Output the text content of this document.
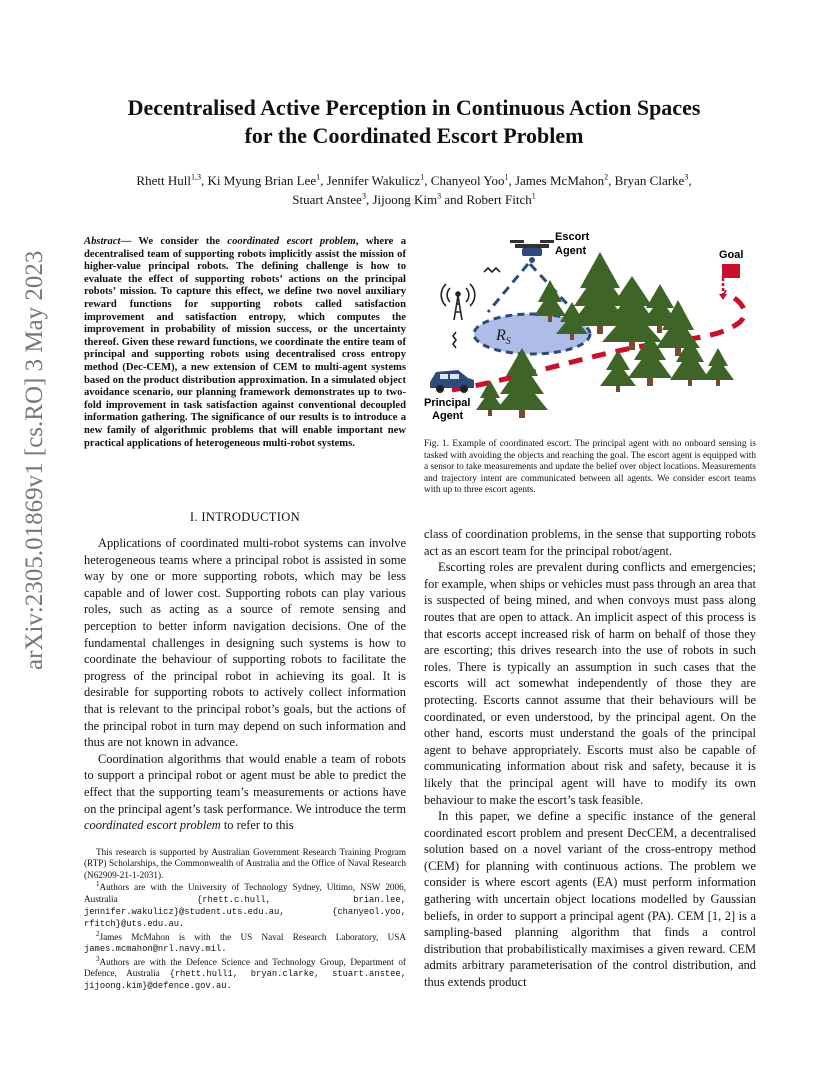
Decentralised Active Perception in Continuous Action Spaces
for the Coordinated Escort Problem
Rhett Hull$^{1,3}$, Ki Myung Brian Lee$^1$, Jennifer Wakulicz$^1$, Chanyeol Yoo$^1$, James McMahon$^2$, Bryan Clarke$^3$,
Stuart Anstee$^3$, Jijoong Kim$^3$ and Robert Fitch$^1$
arXiv:2305.01869v1 [cs.RO] 3 May 2023
Abstract— We consider the coordinated escort problem, where a decentralised team of supporting robots implicitly assist the mission of higher-value principal robots. The defining challenge is how to evaluate the effect of supporting robots’ actions on the principal robots’ mission. To capture this effect, we define two novel auxiliary reward functions for supporting robots called satisfaction improvement and satisfaction entropy, which computes the improvement in probability of mission success, or the uncertainty thereof. Given these reward functions, we coordinate the entire team of principal and supporting robots using decentralised cross entropy method (Dec-CEM), a new extension of CEM to multi-agent systems based on the product distribution approximation. In a simulated object avoidance scenario, our planning framework demonstrates up to two-fold improvement in task satisfaction against conventional decoupled information gathering. The significance of our results is to introduce a new family of algorithmic problems that will enable important new practical applications of heterogeneous multi-robot systems.
I. INTRODUCTION

Applications of coordinated multi-robot systems can involve heterogeneous teams where a principal robot is assisted in some way by one or more supporting robots, which may be less capable and of lower cost. Supporting robots can play various roles, such as acting as a source of remote sensing and perception to better inform navigation decisions. One of the fundamental challenges in designing such systems is how to coordinate the behaviour of supporting robots to facilitate the progress of the principal robot in achieving its goal. It is desirable for supporting robots to actively collect information that is relevant to the principal robot’s goals, but the actions of the principal robot in turn may depend on such information and thus are not known in advance.

Coordination algorithms that would enable a team of robots to support a principal robot or agent must be able to predict the effect that the supporting team’s measurements or actions have on the principal agent’s task performance. We introduce the term coordinated escort problem to refer to this

This research is supported by Australian Government Research Training Program (RTP) Scholarships, the Commonwealth of Australia and the Office of Naval Research (N62909-21-1-2031).

$^1$Authors are with the University of Technology Sydney, Ultimo, NSW 2006, Australia {rhett.c.hull, brian.lee, jennifer.wakulicz}@student.uts.edu.au, {chanyeol.yoo, rfitch}@uts.edu.au.

$^2$James McMahon is with the US Naval Research Laboratory, USA james.mcmahon@nrl.navy.mil.

$^3$Authors are with the Defence Science and Technology Group, Department of Defence, Australia {rhett.hull1, bryan.clarke, stuart.anstee, jijoong.kim}@defence.gov.au.

$R_S$
Escort
Agent
Principal
Agent
Goal
Fig. 1. Example of coordinated escort. The principal agent with no onboard sensing is tasked with avoiding the objects and reaching the goal. The escort agent is equipped with a sensor to take measurements and update the belief over object locations. Measurements and trajectory intent are communicated between all agents. We consider escort teams with up to three escort agents.

class of coordination problems, in the sense that supporting robots act as an escort team for the principal robot/agent.

Escorting roles are prevalent during conflicts and emergencies; for example, when ships or vehicles must pass through an area that is suspected of being mined, and when convoys must pass along routes that are open to attack. An implicit aspect of this process is that escorts accept increased risk of harm on behalf of those they are escorting; this drives research into the use of robots in such roles. There is typically an assumption in such cases that the escorts will act somewhat independently of those they are protecting. Escorts cannot assume that their behaviours will be coordinated, or even understood, by the principal agent. On the other hand, escorts must understand the goals of the principal agent to behave appropriately. Escorts must also be capable of communicating information about risk and safety, because it is likely that the principal agent will have to modify its own behaviour to make the escort’s task feasible.

In this paper, we define a specific instance of the general coordinated escort problem and present DecCEM, a decentralised solution based on a novel variant of the cross-entropy method (CEM) for planning with continuous actions. The problem we consider is where escort agents (EA) must perform information gathering with uncertain object locations modelled by Gaussian beliefs, in order to support a principal agent (PA). CEM [1, 2] is a sampling-based planning algorithm that finds a control distribution that probabilistically maximises a given reward. CEM admits arbitrary parameterisation of the control distribution, and thus extends product
